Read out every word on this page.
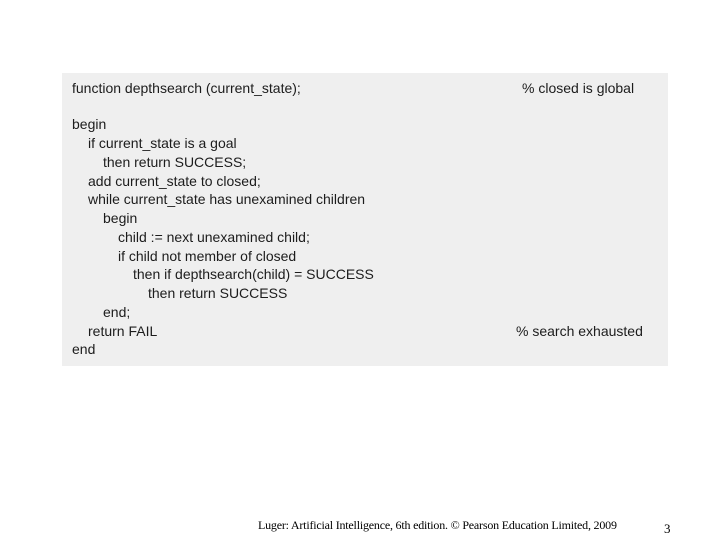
function depthsearch (current_state);	% closed is global
begin
if current_state is a goal
then return SUCCESS;
add current_state to closed;
while current_state has unexamined children
begin
child := next unexamined child;
if child not member of closed
then if depthsearch(child) = SUCCESS
then return SUCCESS
end;
return FAIL	% search exhausted
end
Luger: Artificial Intelligence, 6th edition. © Pearson Education Limited, 2009	3
